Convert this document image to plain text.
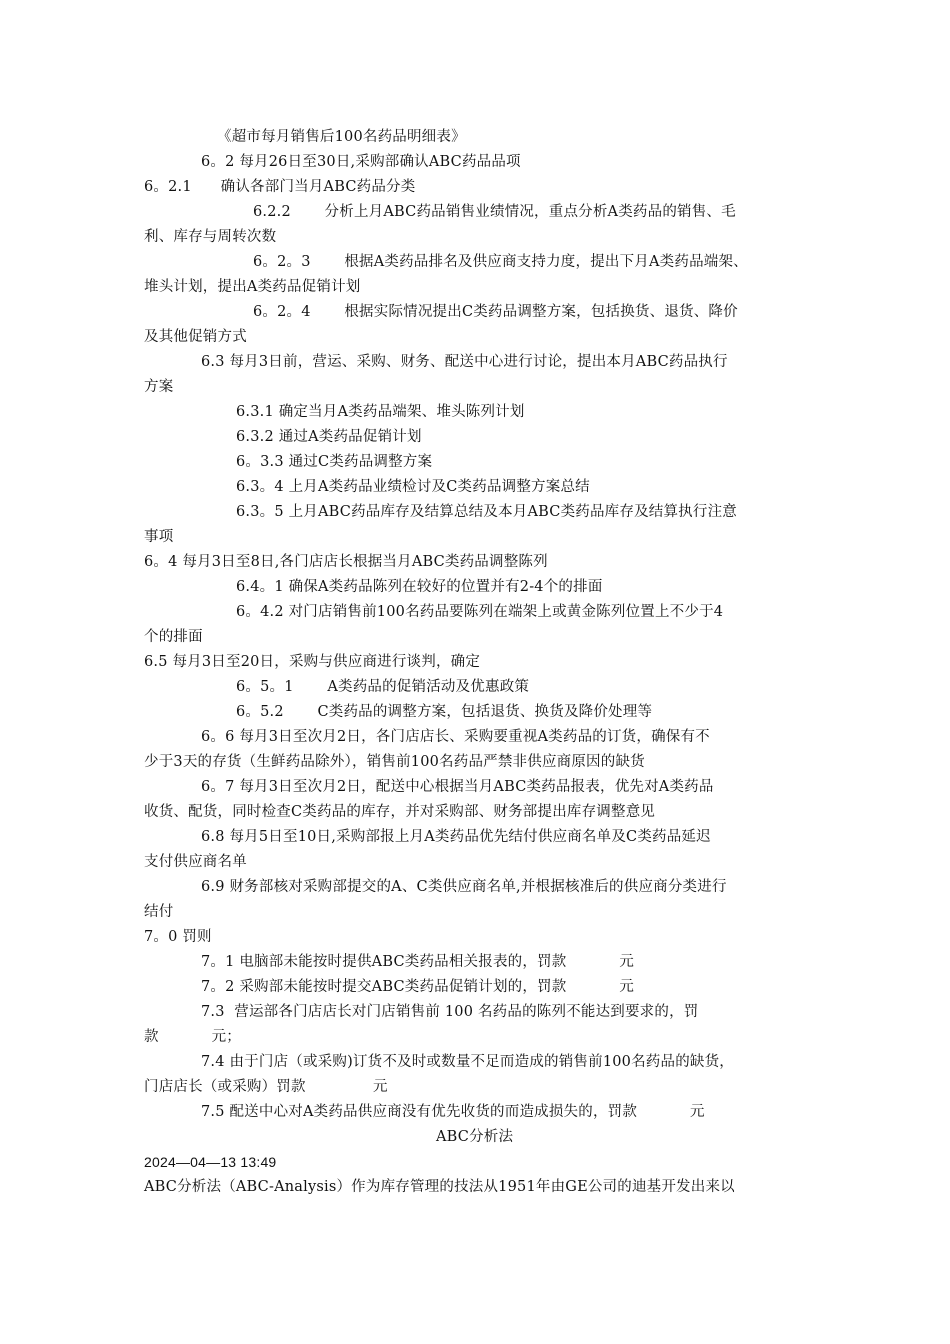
《超市每月销售后100名药品明细表》
6。2 每月26日至30日,采购部确认ABC药品品项
6。2.1      确认各部门当月ABC药品分类
6.2.2       分析上月ABC药品销售业绩情况，重点分析A类药品的销售、毛
利、库存与周转次数
6。2。3       根据A类药品排名及供应商支持力度，提出下月A类药品端架、
堆头计划，提出A类药品促销计划
6。2。4       根据实际情况提出C类药品调整方案，包括换货、退货、降价
及其他促销方式
6.3 每月3日前，营运、采购、财务、配送中心进行讨论，提出本月ABC药品执行
方案
6.3.1 确定当月A类药品端架、堆头陈列计划
6.3.2 通过A类药品促销计划
6。3.3 通过C类药品调整方案
6.3。4 上月A类药品业绩检讨及C类药品调整方案总结
6.3。5 上月ABC药品库存及结算总结及本月ABC类药品库存及结算执行注意
事项
6。4 每月3日至8日,各门店店长根据当月ABC类药品调整陈列
6.4。1 确保A类药品陈列在较好的位置并有2-4个的排面
6。4.2 对门店销售前100名药品要陈列在端架上或黄金陈列位置上不少于4
个的排面
6.5 每月3日至20日，采购与供应商进行谈判，确定
6。5。1       A类药品的促销活动及优惠政策
6。5.2       C类药品的调整方案，包括退货、换货及降价处理等
6。6 每月3日至次月2日，各门店店长、采购要重视A类药品的订货，确保有不
少于3天的存货（生鲜药品除外），销售前100名药品严禁非供应商原因的缺货
6。7 每月3日至次月2日，配送中心根据当月ABC类药品报表，优先对A类药品
收货、配货，同时检查C类药品的库存，并对采购部、财务部提出库存调整意见
6.8 每月5日至10日,采购部报上月A类药品优先结付供应商名单及C类药品延迟
支付供应商名单
6.9 财务部核对采购部提交的A、C类供应商名单,并根据核准后的供应商分类进行
结付
7。0 罚则
7。1 电脑部未能按时提供ABC类药品相关报表的，罚款           元
7。2 采购部未能按时提交ABC类药品促销计划的，罚款           元
7.3  营运部各门店店长对门店销售前 100 名药品的陈列不能达到要求的，罚
款           元；
7.4 由于门店（或采购)订货不及时或数量不足而造成的销售前100名药品的缺货，
门店店长（或采购）罚款              元
7.5 配送中心对A类药品供应商没有优先收货的而造成损失的，罚款           元
ABC分析法
2024—04—13 13:49
ABC分析法（ABC-Analysis）作为库存管理的技法从1951年由GE公司的迪基开发出来以
